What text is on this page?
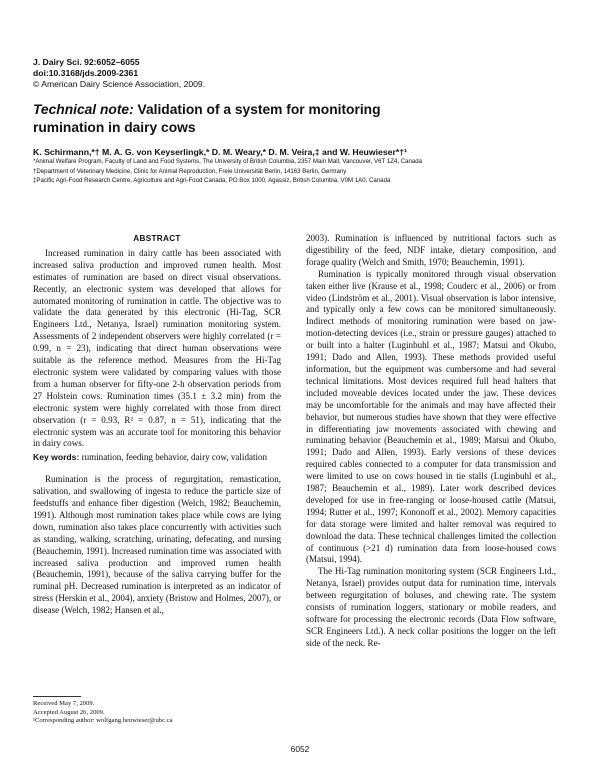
J. Dairy Sci. 92:6052–6055
doi:10.3168/jds.2009-2361
© American Dairy Science Association, 2009.
Technical note: Validation of a system for monitoring
rumination in dairy cows
K. Schirmann,*† M. A. G. von Keyserlingk,* D. M. Weary,* D. M. Veira,‡ and W. Heuwieser*†¹
*Animal Welfare Program, Faculty of Land and Food Systems, The University of British Columbia, 2357 Main Mall, Vancouver, V6T 1Z4, Canada
†Department of Veterinary Medicine, Clinic for Animal Reproduction, Freie Universität Berlin, 14163 Berlin, Germany
‡Pacific Agri-Food Research Centre, Agriculture and Agri-Food Canada, PO Box 1000, Agassiz, British Columbia, V0M 1A0, Canada
ABSTRACT

Increased rumination in dairy cattle has been associated with increased saliva production and improved rumen health. Most estimates of rumination are based on direct visual observations. Recently, an electronic system was developed that allows for automated monitoring of rumination in cattle. The objective was to validate the data generated by this electronic (Hi-Tag, SCR Engineers Ltd., Netanya, Israel) rumination monitoring system. Assessments of 2 independent observers were highly correlated (r = 0.99, n = 23), indicating that direct human observations were suitable as the reference method. Measures from the Hi-Tag electronic system were validated by comparing values with those from a human observer for fifty-one 2-h observation periods from 27 Holstein cows. Rumination times (35.1 ± 3.2 min) from the electronic system were highly correlated with those from direct observation (r = 0.93, R² = 0.87, n = 51), indicating that the electronic system was an accurate tool for monitoring this behavior in dairy cows.

Key words: rumination, feeding behavior, dairy cow, validation

Rumination is the process of regurgitation, remastication, salivation, and swallowing of ingesta to reduce the particle size of feedstuffs and enhance fiber digestion (Welch, 1982; Beauchemin, 1991). Although most rumination takes place while cows are lying down, rumination also takes place concurrently with activities such as standing, walking, scratching, urinating, defecating, and nursing (Beauchemin, 1991). Increased rumination time was associated with increased saliva production and improved rumen health (Beauchemin, 1991), because of the saliva carrying buffer for the ruminal pH. Decreased rumination is interpreted as an indicator of stress (Herskin et al., 2004), anxiety (Bristow and Holmes, 2007), or disease (Welch, 1982; Hansen et al.,

2003). Rumination is influenced by nutritional factors such as digestibility of the feed, NDF intake, dietary composition, and forage quality (Welch and Smith, 1970; Beauchemin, 1991).

Rumination is typically monitored through visual observation taken either live (Krause et al., 1998; Couderc et al., 2006) or from video (Lindström et al., 2001). Visual observation is labor intensive, and typically only a few cows can be monitored simultaneously. Indirect methods of monitoring rumination were based on jaw-motion-detecting devices (i.e., strain or pressure gauges) attached to or built into a halter (Luginbuhl et al., 1987; Matsui and Okubo, 1991; Dado and Allen, 1993). These methods provided useful information, but the equipment was cumbersome and had several technical limitations. Most devices required full head halters that included moveable devices located under the jaw. These devices may be uncomfortable for the animals and may have affected their behavior, but numerous studies have shown that they were effective in differentiating jaw movements associated with chewing and ruminating behavior (Beauchemin et al., 1989; Matsui and Okubo, 1991; Dado and Allen, 1993). Early versions of these devices required cables connected to a computer for data transmission and were limited to use on cows housed in tie stalls (Luginbuhl et al., 1987; Beauchemin et al., 1989). Later work described devices developed for use in free-ranging or loose-housed cattle (Matsui, 1994; Rutter et al., 1997; Kononoff et al., 2002). Memory capacities for data storage were limited and halter removal was required to download the data. These technical challenges limited the collection of continuous (>21 d) rumination data from loose-housed cows (Matsui, 1994).

The Hi-Tag rumination monitoring system (SCR Engineers Ltd., Netanya, Israel) provides output data for rumination time, intervals between regurgitation of boluses, and chewing rate. The system consists of rumination loggers, stationary or mobile readers, and software for processing the electronic records (Data Flow software, SCR Engineers Ltd.). A neck collar positions the logger on the left side of the neck. Re-

Received May 7, 2009.
Accepted August 26, 2009.
¹Corresponding author: wolfgang.heuwieser@ubc.ca
6052
